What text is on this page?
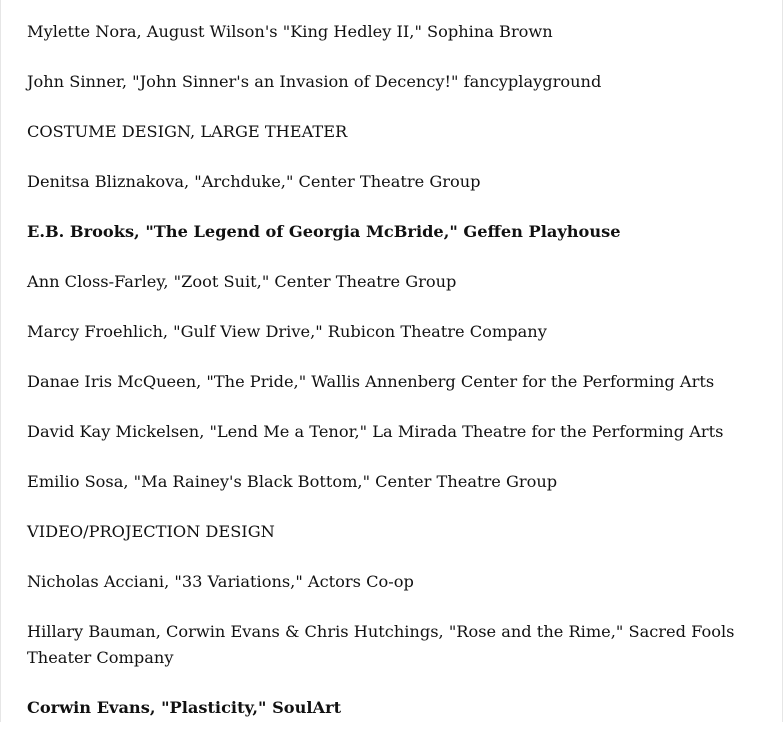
Mylette Nora, August Wilson's "King Hedley II," Sophina Brown

John Sinner, "John Sinner's an Invasion of Decency!" fancyplayground

COSTUME DESIGN, LARGE THEATER

Denitsa Bliznakova, "Archduke," Center Theatre Group

E.B. Brooks, "The Legend of Georgia McBride," Geffen Playhouse

Ann Closs-Farley, "Zoot Suit," Center Theatre Group

Marcy Froehlich, "Gulf View Drive," Rubicon Theatre Company

Danae Iris McQueen, "The Pride," Wallis Annenberg Center for the Performing Arts

David Kay Mickelsen, "Lend Me a Tenor," La Mirada Theatre for the Performing Arts

Emilio Sosa, "Ma Rainey's Black Bottom," Center Theatre Group

VIDEO/PROJECTION DESIGN

Nicholas Acciani, "33 Variations," Actors Co-op

Hillary Bauman, Corwin Evans & Chris Hutchings, "Rose and the Rime," Sacred Fools Theater Company

Corwin Evans, "Plasticity," SoulArt
